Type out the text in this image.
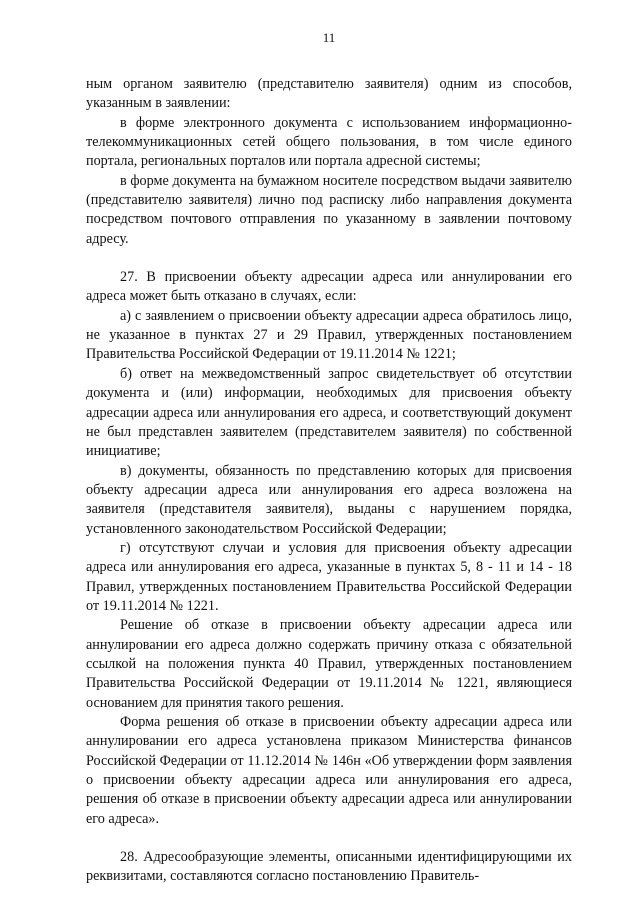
11

ным органом заявителю (представителю заявителя) одним из способов, указанным в заявлении:

в форме электронного документа с использованием информационно-телекоммуникационных сетей общего пользования, в том числе единого портала, региональных порталов или портала адресной системы;

в форме документа на бумажном носителе посредством выдачи заявителю (представителю заявителя) лично под расписку либо направления документа посредством почтового отправления по указанному в заявлении почтовому адресу.

27. В присвоении объекту адресации адреса или аннулировании его адреса может быть отказано в случаях, если:

а) с заявлением о присвоении объекту адресации адреса обратилось лицо, не указанное в пунктах 27 и 29 Правил, утвержденных постановлением Правительства Российской Федерации от 19.11.2014 № 1221;

б) ответ на межведомственный запрос свидетельствует об отсутствии документа и (или) информации, необходимых для присвоения объекту адресации адреса или аннулирования его адреса, и соответствующий документ не был представлен заявителем (представителем заявителя) по собственной инициативе;

в) документы, обязанность по представлению которых для присвоения объекту адресации адреса или аннулирования его адреса возложена на заявителя (представителя заявителя), выданы с нарушением порядка, установленного законодательством Российской Федерации;

г) отсутствуют случаи и условия для присвоения объекту адресации адреса или аннулирования его адреса, указанные в пунктах 5, 8 - 11 и 14 - 18 Правил, утвержденных постановлением Правительства Российской Федерации от 19.11.2014 № 1221.

Решение об отказе в присвоении объекту адресации адреса или аннулировании его адреса должно содержать причину отказа с обязательной ссылкой на положения пункта 40 Правил, утвержденных постановлением Правительства Российской Федерации от 19.11.2014 № 1221, являющиеся основанием для принятия такого решения.

Форма решения об отказе в присвоении объекту адресации адреса или аннулировании его адреса установлена приказом Министерства финансов Российской Федерации от 11.12.2014 № 146н «Об утверждении форм заявления о присвоении объекту адресации адреса или аннулирования его адреса, решения об отказе в присвоении объекту адресации адреса или аннулировании его адреса».

28. Адресообразующие элементы, описанными идентифицирующими их реквизитами, составляются согласно постановлению Правитель-
